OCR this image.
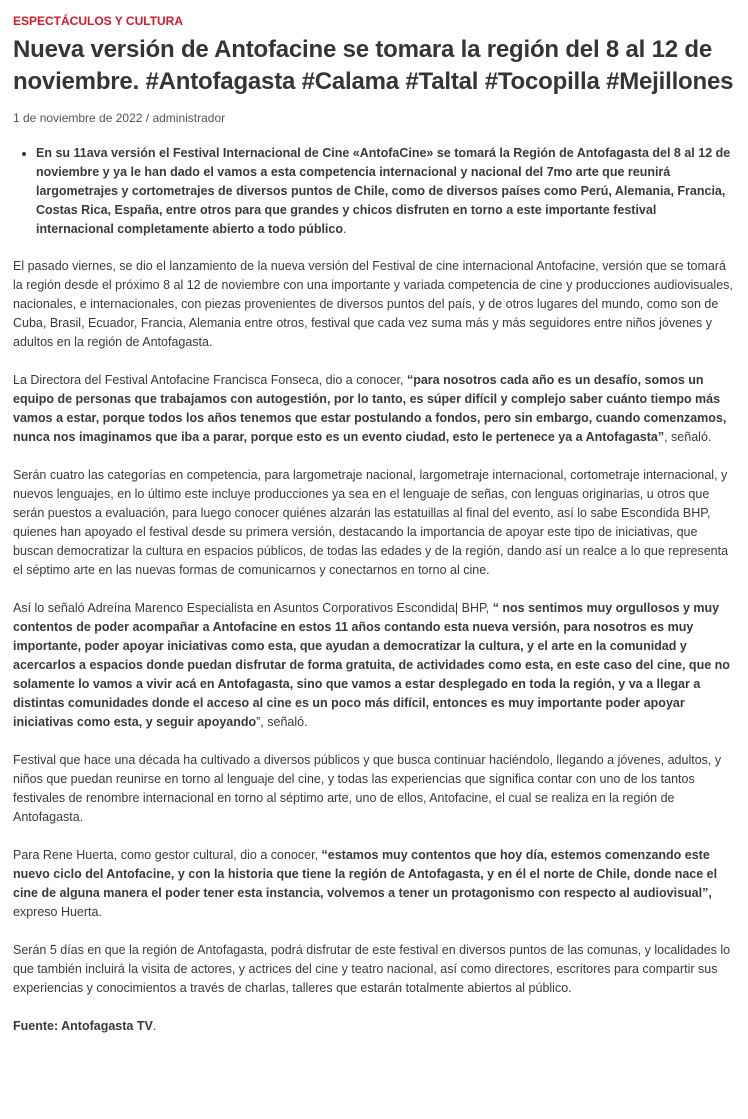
ESPECTÁCULOS Y CULTURA
Nueva versión de Antofacine se tomara la región del 8 al 12 de noviembre. #Antofagasta #Calama #Taltal #Tocopilla #Mejillones
1 de noviembre de 2022 / administrador
• En su 11ava versión el Festival Internacional de Cine «AntofaCine» se tomará la Región de Antofagasta del 8 al 12 de noviembre y ya le han dado el vamos a esta competencia internacional y nacional del 7mo arte que reunirá largometrajes y cortometrajes de diversos puntos de Chile, como de diversos países como Perú, Alemania, Francia, Costas Rica, España, entre otros para que grandes y chicos disfruten en torno a este importante festival internacional completamente abierto a todo público.

El pasado viernes, se dio el lanzamiento de la nueva versión del Festival de cine internacional Antofacine, versión que se tomará la región desde el próximo 8 al 12 de noviembre con una importante y variada competencia de cine y producciones audiovisuales, nacionales, e internacionales, con piezas provenientes de diversos puntos del país, y de otros lugares del mundo, como son de Cuba, Brasil, Ecuador, Francia, Alemania entre otros, festival que cada vez suma más y más seguidores entre niños jóvenes y adultos en la región de Antofagasta.

La Directora del Festival Antofacine Francisca Fonseca, dio a conocer, “para nosotros cada año es un desafío, somos un equipo de personas que trabajamos con autogestión, por lo tanto, es súper difícil y complejo saber cuánto tiempo más vamos a estar, porque todos los años tenemos que estar postulando a fondos, pero sin embargo, cuando comenzamos, nunca nos imaginamos que iba a parar, porque esto es un evento ciudad, esto le pertenece ya a Antofagasta”, señaló.

Serán cuatro las categorías en competencia, para largometraje nacional, largometraje internacional, cortometraje internacional, y nuevos lenguajes, en lo último este incluye producciones ya sea en el lenguaje de señas, con lenguas originarias, u otros que serán puestos a evaluación, para luego conocer quiénes alzarán las estatuillas al final del evento, así lo sabe Escondida BHP, quienes han apoyado el festival desde su primera versión, destacando la importancia de apoyar este tipo de iniciativas, que buscan democratizar la cultura en espacios públicos, de todas las edades y de la región, dando así un realce a lo que representa el séptimo arte en las nuevas formas de comunicarnos y conectarnos en torno al cine.

Así lo señaló Adreína Marenco Especialista en Asuntos Corporativos Escondida| BHP, “ nos sentimos muy orgullosos y muy contentos de poder acompañar a Antofacine en estos 11 años contando esta nueva versión, para nosotros es muy importante, poder apoyar iniciativas como esta, que ayudan a democratizar la cultura, y el arte en la comunidad y acercarlos a espacios donde puedan disfrutar de forma gratuita, de actividades como esta, en este caso del cine, que no solamente lo vamos a vivir acá en Antofagasta, sino que vamos a estar desplegado en toda la región, y va a llegar a distintas comunidades donde el acceso al cine es un poco más difícil, entonces es muy importante poder apoyar iniciativas como esta, y seguir apoyando”, señaló.

Festival que hace una década ha cultivado a diversos públicos y que busca continuar haciéndolo, llegando a jóvenes, adultos, y niños que puedan reunirse en torno al lenguaje del cine, y todas las experiencias que significa contar con uno de los tantos festivales de renombre internacional en torno al séptimo arte, uno de ellos, Antofacine, el cual se realiza en la región de Antofagasta.

Para Rene Huerta, como gestor cultural, dio a conocer, “estamos muy contentos que hoy día, estemos comenzando este nuevo ciclo del Antofacine, y con la historia que tiene la región de Antofagasta, y en él el norte de Chile, donde nace el cine de alguna manera el poder tener esta instancia, volvemos a tener un protagonismo con respecto al audiovisual”, expreso Huerta.

Serán 5 días en que la región de Antofagasta, podrá disfrutar de este festival en diversos puntos de las comunas, y localidades lo que también incluirá la visita de actores, y actrices del cine y teatro nacional, así como directores, escritores para compartir sus experiencias y conocimientos a través de charlas, talleres que estarán totalmente abiertos al público.

Fuente: Antofagasta TV.
